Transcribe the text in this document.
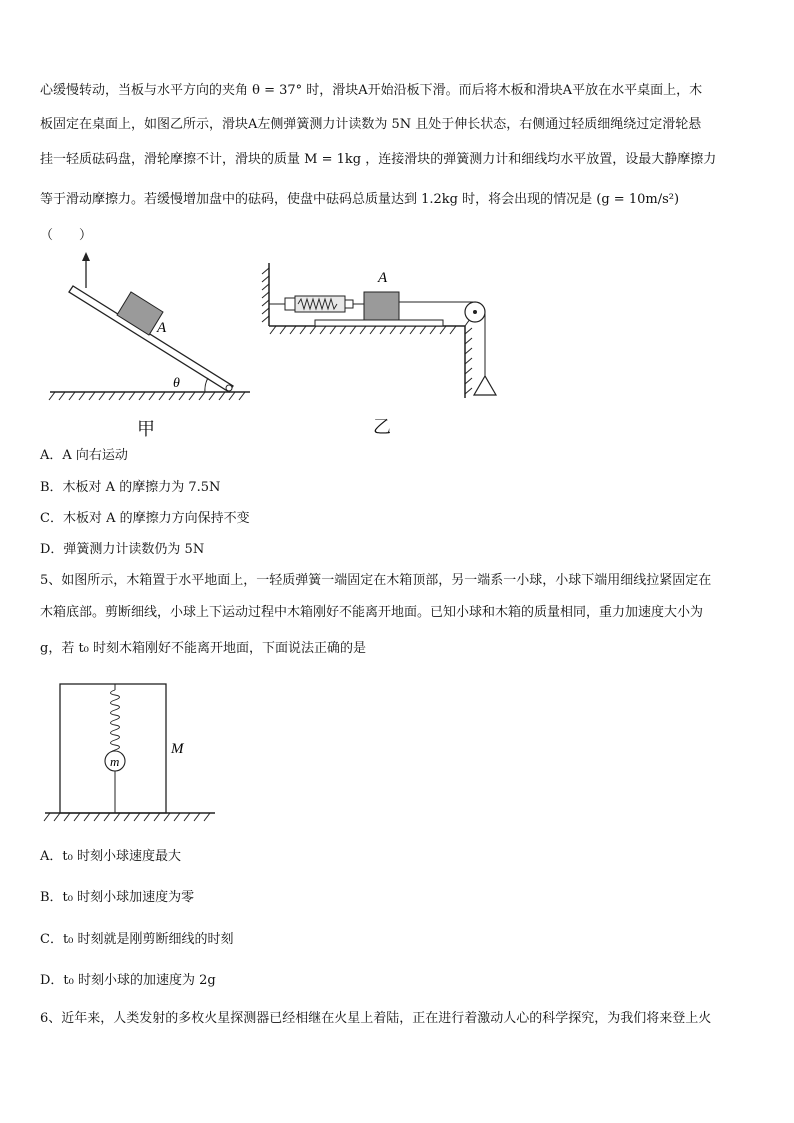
心缓慢转动，当板与水平方向的夹角 θ = 37° 时，滑块A开始沿板下滑。而后将木板和滑块A平放在水平桌面上，木
板固定在桌面上，如图乙所示，滑块A左侧弹簧测力计读数为 5N 且处于伸长状态，右侧通过轻质细绳绕过定滑轮悬
挂一轻质砝码盘，滑轮摩擦不计，滑块的质量 M = 1kg ，连接滑块的弹簧测力计和细线均水平放置，设最大静摩擦力
等于滑动摩擦力。若缓慢增加盘中的砝码，使盘中砝码总质量达到 1.2kg 时，将会出现的情况是 (g = 10m/s²)
（　　）
A
θ
甲
A
乙
A．A 向右运动
B．木板对 A 的摩擦力为 7.5N
C．木板对 A 的摩擦力方向保持不变
D．弹簧测力计读数仍为 5N
5、如图所示，木箱置于水平地面上，一轻质弹簧一端固定在木箱顶部，另一端系一小球，小球下端用细线拉紧固定在
木箱底部。剪断细线，小球上下运动过程中木箱刚好不能离开地面。已知小球和木箱的质量相同，重力加速度大小为
g，若 t₀ 时刻木箱刚好不能离开地面，下面说法正确的是
m
M
A．t₀ 时刻小球速度最大
B．t₀ 时刻小球加速度为零
C．t₀ 时刻就是刚剪断细线的时刻
D．t₀ 时刻小球的加速度为 2g
6、近年来，人类发射的多枚火星探测器已经相继在火星上着陆，正在进行着激动人心的科学探究，为我们将来登上火
